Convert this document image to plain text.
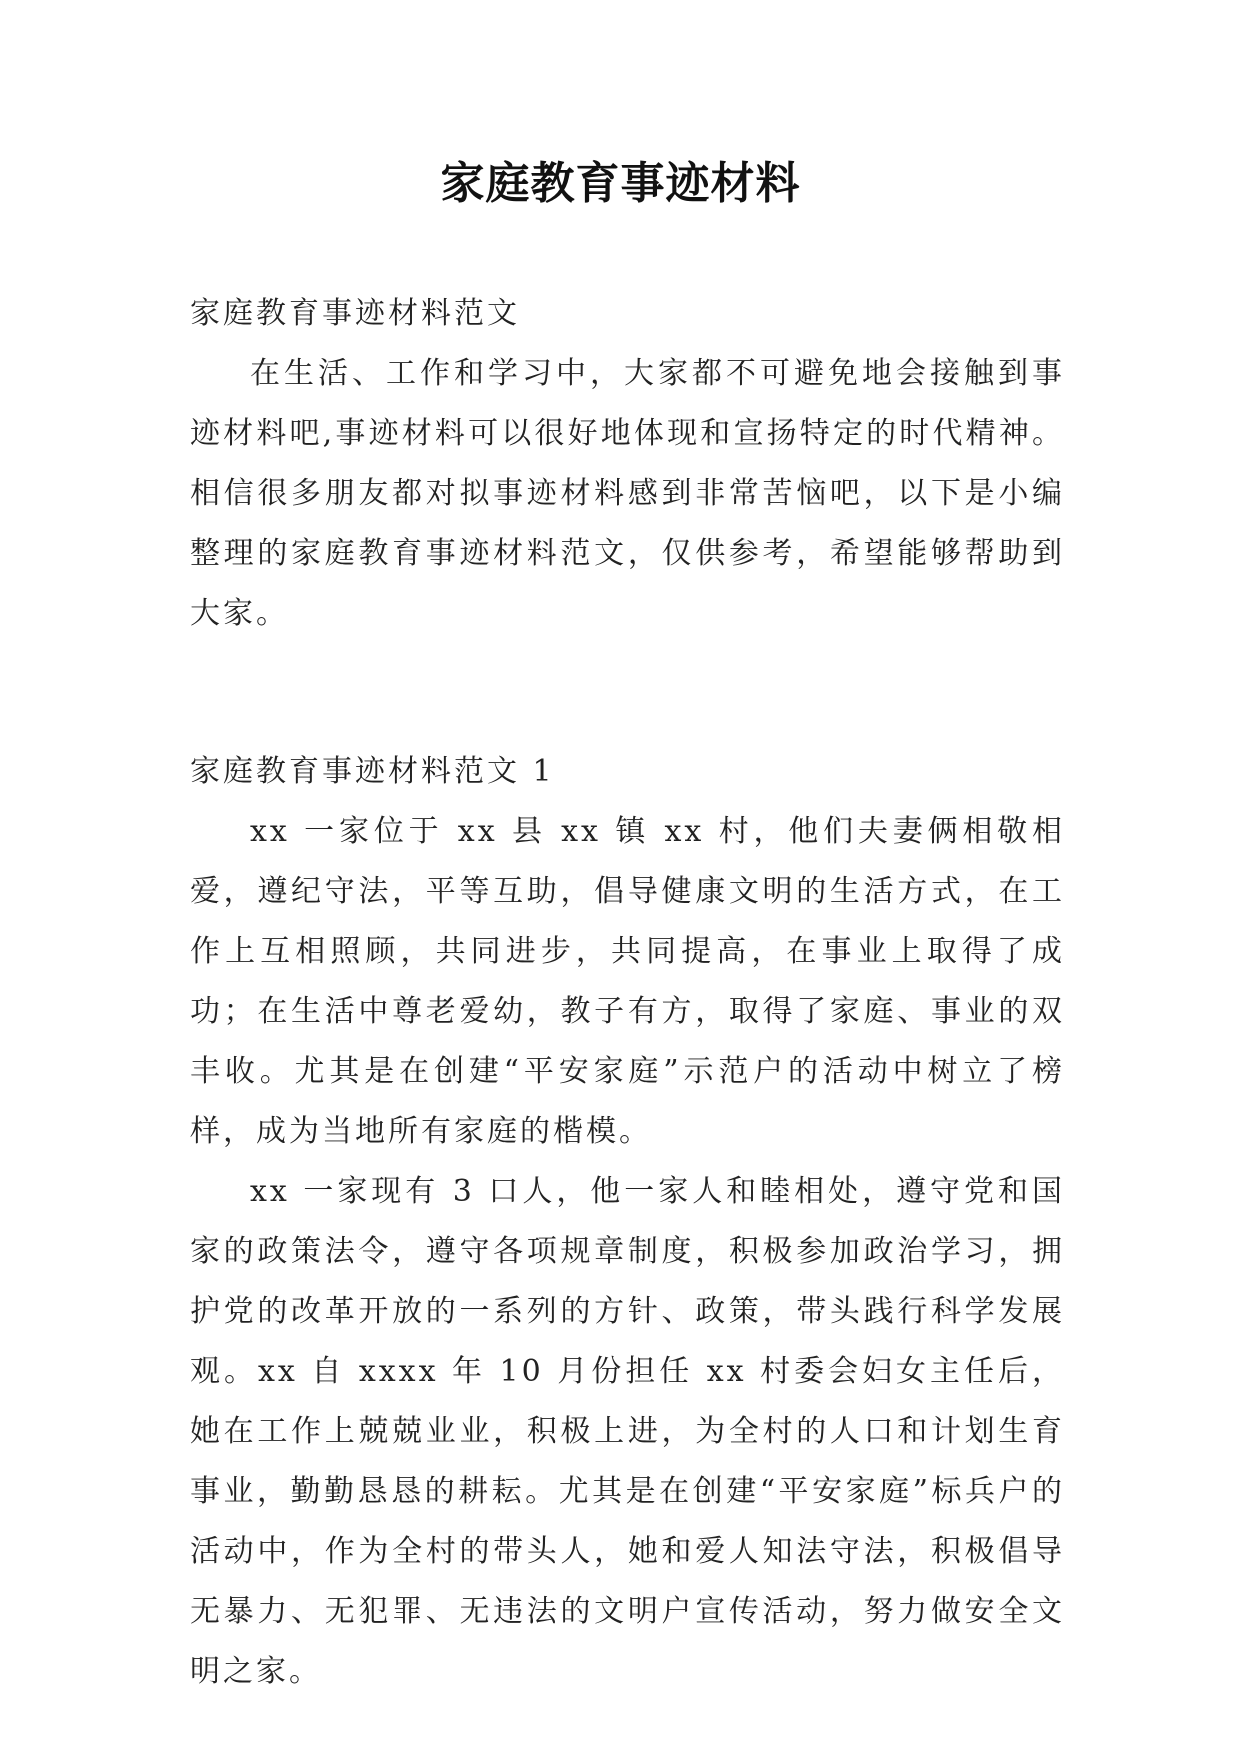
家庭教育事迹材料

家庭教育事迹材料范文

在生活、工作和学习中，大家都不可避免地会接触到事迹材料吧,事迹材料可以很好地体现和宣扬特定的时代精神。相信很多朋友都对拟事迹材料感到非常苦恼吧，以下是小编整理的家庭教育事迹材料范文，仅供参考，希望能够帮助到大家。

家庭教育事迹材料范文 1

xx 一家位于 xx 县 xx 镇 xx 村，他们夫妻俩相敬相爱，遵纪守法，平等互助，倡导健康文明的生活方式，在工作上互相照顾，共同进步，共同提高，在事业上取得了成功；在生活中尊老爱幼，教子有方，取得了家庭、事业的双丰收。尤其是在创建“平安家庭”示范户的活动中树立了榜样，成为当地所有家庭的楷模。

xx 一家现有 3 口人，他一家人和睦相处，遵守党和国家的政策法令，遵守各项规章制度，积极参加政治学习，拥护党的改革开放的一系列的方针、政策，带头践行科学发展观。xx 自 xxxx 年 10 月份担任 xx 村委会妇女主任后，她在工作上兢兢业业，积极上进，为全村的人口和计划生育事业，勤勤恳恳的耕耘。尤其是在创建“平安家庭”标兵户的活动中，作为全村的带头人，她和爱人知法守法，积极倡导无暴力、无犯罪、无违法的文明户宣传活动，努力做安全文明之家。
